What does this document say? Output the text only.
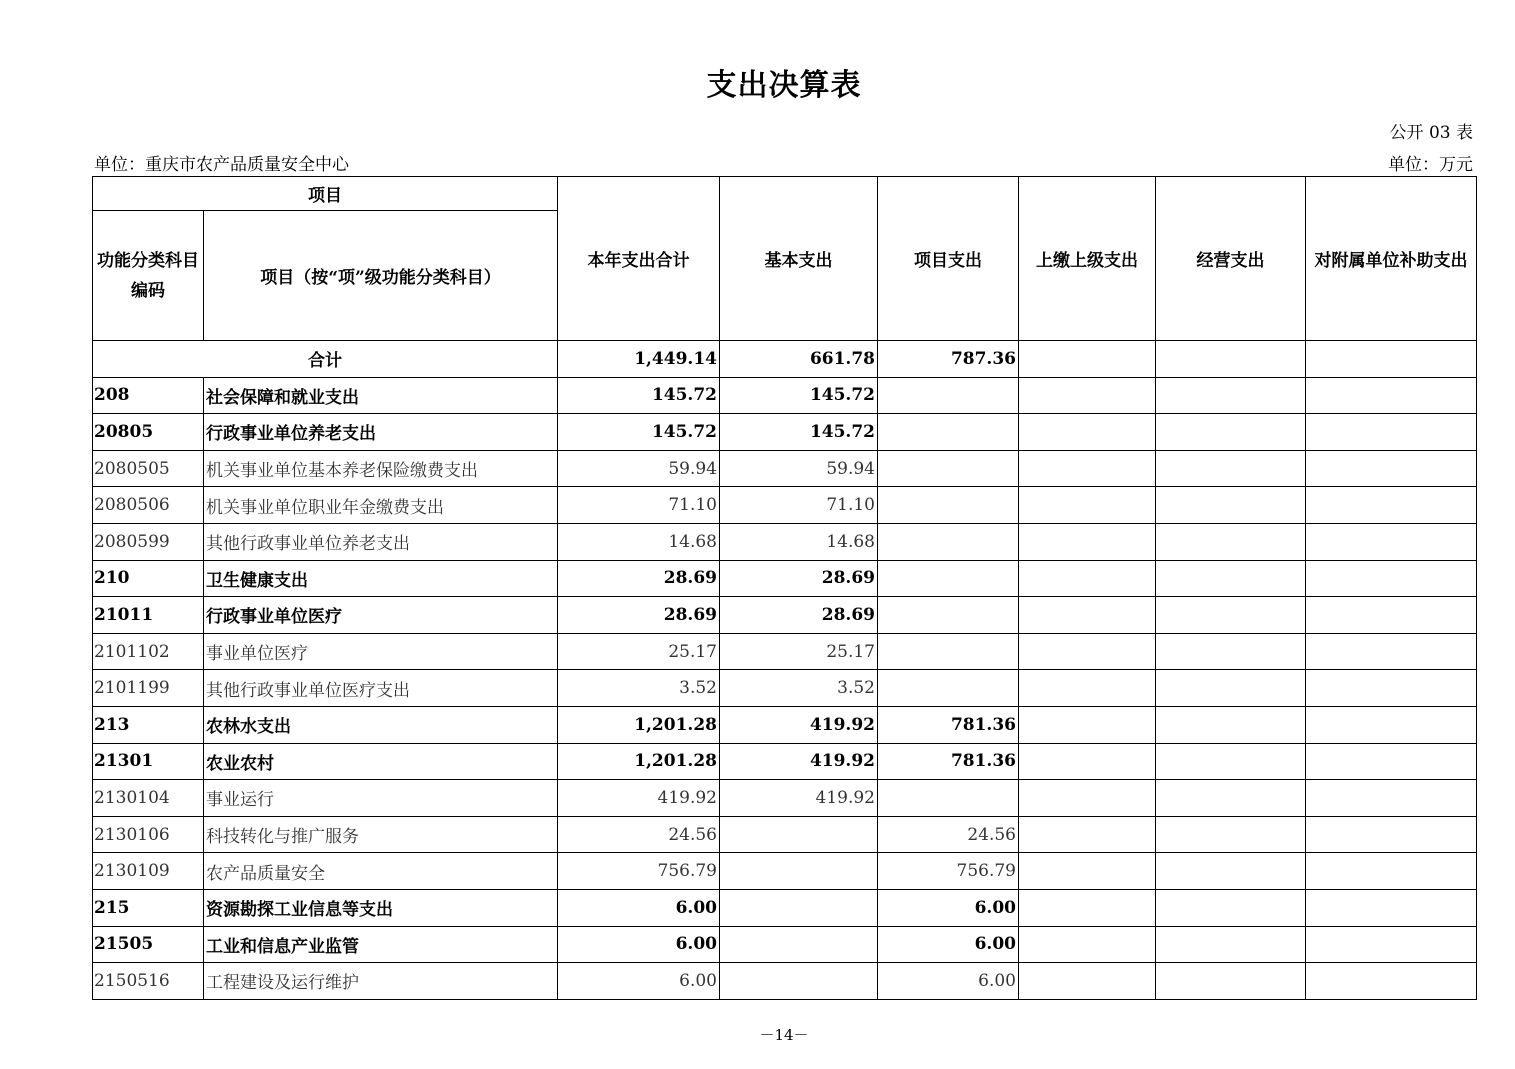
支出决算表
公开 03 表
单位：重庆市农产品质量安全中心	单位：万元
项目		本年支出合计	基本支出	项目支出	上缴上级支出	经营支出	对附属单位补助支出
功能分类科目编码	项目（按“项”级功能分类科目）						
合计		1,449.14	661.78	787.36			
208	社会保障和就业支出	145.72	145.72				
20805	行政事业单位养老支出	145.72	145.72				
2080505	机关事业单位基本养老保险缴费支出	59.94	59.94				
2080506	机关事业单位职业年金缴费支出	71.10	71.10				
2080599	其他行政事业单位养老支出	14.68	14.68				
210	卫生健康支出	28.69	28.69				
21011	行政事业单位医疗	28.69	28.69				
2101102	事业单位医疗	25.17	25.17				
2101199	其他行政事业单位医疗支出	3.52	3.52				
213	农林水支出	1,201.28	419.92	781.36			
21301	农业农村	1,201.28	419.92	781.36			
2130104	事业运行	419.92	419.92				
2130106	科技转化与推广服务	24.56		24.56			
2130109	农产品质量安全	756.79		756.79			
215	资源勘探工业信息等支出	6.00		6.00			
21505	工业和信息产业监管	6.00		6.00			
2150516	工程建设及运行维护	6.00		6.00			
－14－
